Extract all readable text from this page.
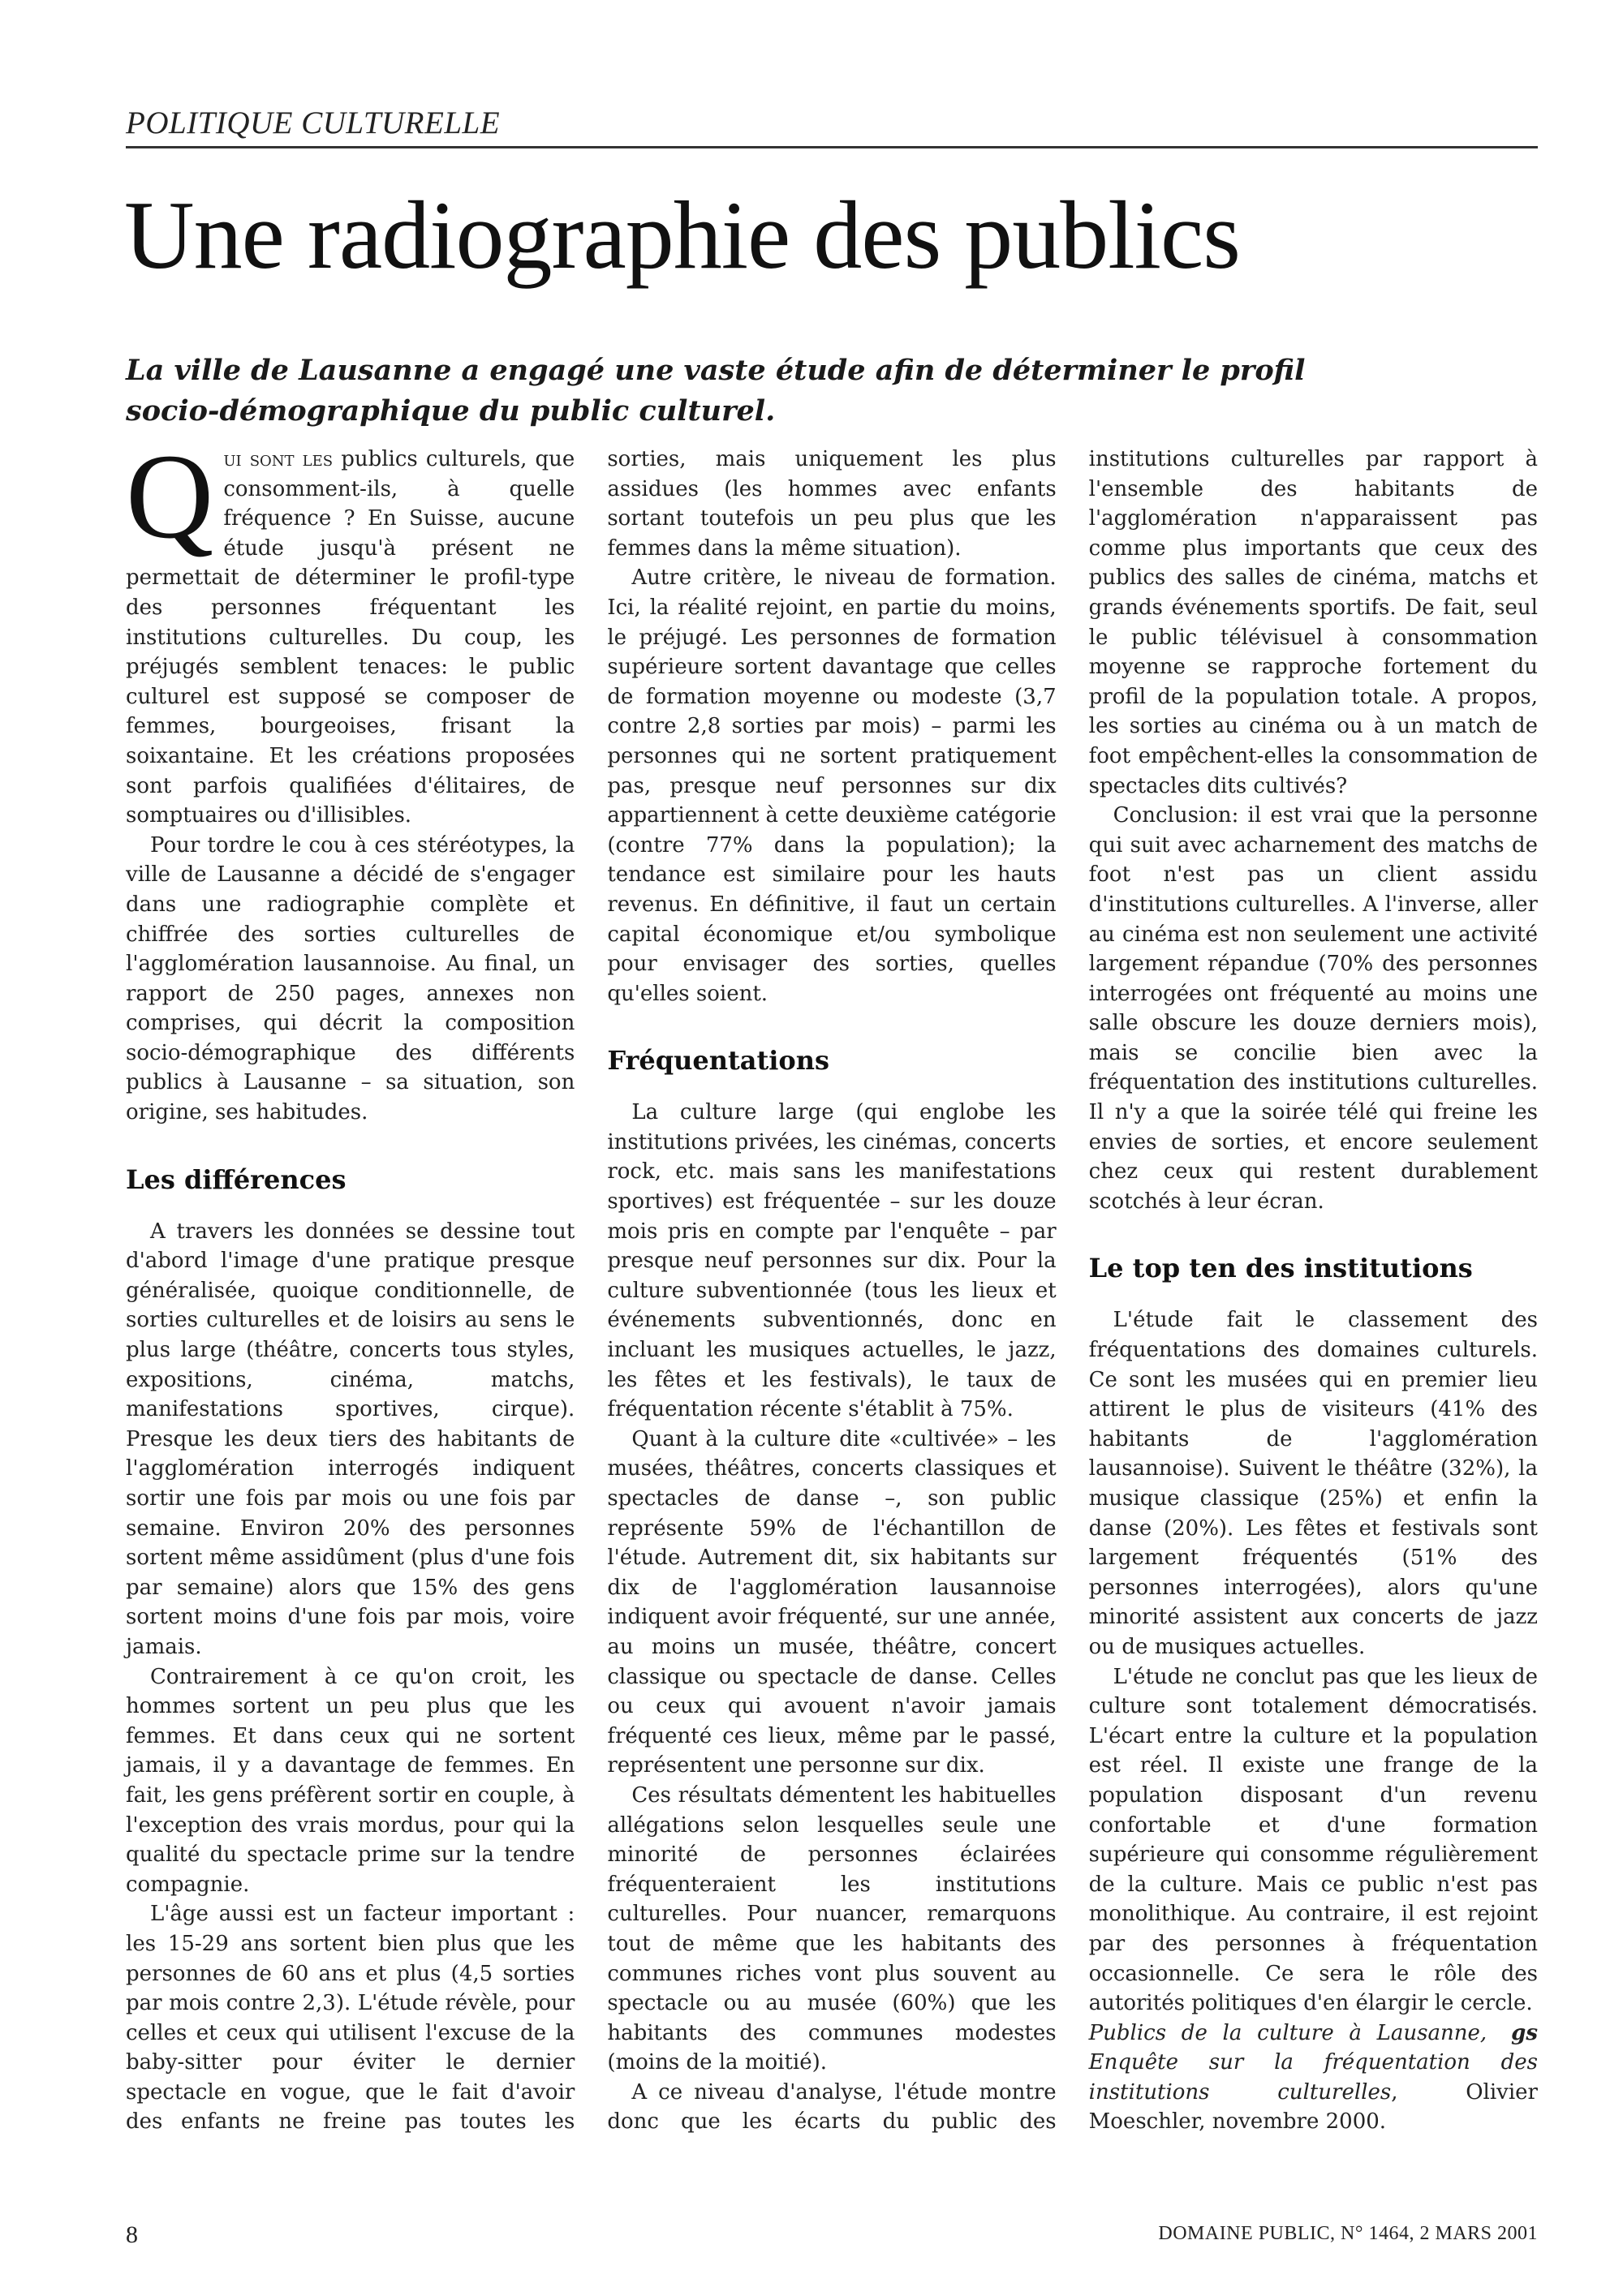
POLITIQUE CULTURELLE
Une radiographie des publics

La ville de Lausanne a engagé une vaste étude afin de déterminer le profil socio-démographique du public culturel.

Qui sont les publics culturels, que consomment-ils, à quelle fréquence ? En Suisse, aucune étude jusqu'à présent ne permettait de déterminer le profil-type des personnes fréquentant les institutions culturelles. Du coup, les préjugés semblent tenaces: le public culturel est supposé se composer de femmes, bourgeoises, frisant la soixantaine. Et les créations proposées sont parfois qualifiées d'élitaires, de somptuaires ou d'illisibles.

Pour tordre le cou à ces stéréotypes, la ville de Lausanne a décidé de s'engager dans une radiographie complète et chiffrée des sorties culturelles de l'agglomération lausannoise. Au final, un rapport de 250 pages, annexes non comprises, qui décrit la composition socio-démographique des différents publics à Lausanne – sa situation, son origine, ses habitudes.

Les différences

A travers les données se dessine tout d'abord l'image d'une pratique presque généralisée, quoique conditionnelle, de sorties culturelles et de loisirs au sens le plus large (théâtre, concerts tous styles, expositions, cinéma, matchs, manifestations sportives, cirque). Presque les deux tiers des habitants de l'agglomération interrogés indiquent sortir une fois par mois ou une fois par semaine. Environ 20% des personnes sortent même assidûment (plus d'une fois par semaine) alors que 15% des gens sortent moins d'une fois par mois, voire jamais.

Contrairement à ce qu'on croit, les hommes sortent un peu plus que les femmes. Et dans ceux qui ne sortent jamais, il y a davantage de femmes. En fait, les gens préfèrent sortir en couple, à l'exception des vrais mordus, pour qui la qualité du spectacle prime sur la tendre compagnie.

L'âge aussi est un facteur important : les 15-29 ans sortent bien plus que les personnes de 60 ans et plus (4,5 sorties par mois contre 2,3). L'étude révèle, pour celles et ceux qui utilisent l'excuse de la baby-sitter pour éviter le dernier spectacle en vogue, que le fait d'avoir des enfants ne freine pas toutes les sorties, mais uniquement les plus assidues (les hommes avec enfants sortant toutefois un peu plus que les femmes dans la même situation).

Autre critère, le niveau de formation. Ici, la réalité rejoint, en partie du moins, le préjugé. Les personnes de formation supérieure sortent davantage que celles de formation moyenne ou modeste (3,7 contre 2,8 sorties par mois) – parmi les personnes qui ne sortent pratiquement pas, presque neuf personnes sur dix appartiennent à cette deuxième catégorie (contre 77% dans la population); la tendance est similaire pour les hauts revenus. En définitive, il faut un certain capital économique et/ou symbolique pour envisager des sorties, quelles qu'elles soient.

Fréquentations

La culture large (qui englobe les institutions privées, les cinémas, concerts rock, etc. mais sans les manifestations sportives) est fréquentée – sur les douze mois pris en compte par l'enquête – par presque neuf personnes sur dix. Pour la culture subventionnée (tous les lieux et événements subventionnés, donc en incluant les musiques actuelles, le jazz, les fêtes et les festivals), le taux de fréquentation récente s'établit à 75%.

Quant à la culture dite «cultivée» – les musées, théâtres, concerts classiques et spectacles de danse –, son public représente 59% de l'échantillon de l'étude. Autrement dit, six habitants sur dix de l'agglomération lausannoise indiquent avoir fréquenté, sur une année, au moins un musée, théâtre, concert classique ou spectacle de danse. Celles ou ceux qui avouent n'avoir jamais fréquenté ces lieux, même par le passé, représentent une personne sur dix.

Ces résultats démentent les habituelles allégations selon lesquelles seule une minorité de personnes éclairées fréquenteraient les institutions culturelles. Pour nuancer, remarquons tout de même que les habitants des communes riches vont plus souvent au spectacle ou au musée (60%) que les habitants des communes modestes (moins de la moitié).

A ce niveau d'analyse, l'étude montre donc que les écarts du public des institutions culturelles par rapport à l'ensemble des habitants de l'agglomération n'apparaissent pas comme plus importants que ceux des publics des salles de cinéma, matchs et grands événements sportifs. De fait, seul le public télévisuel à consommation moyenne se rapproche fortement du profil de la population totale. A propos, les sorties au cinéma ou à un match de foot empêchent-elles la consommation de spectacles dits cultivés?

Conclusion: il est vrai que la personne qui suit avec acharnement des matchs de foot n'est pas un client assidu d'institutions culturelles. A l'inverse, aller au cinéma est non seulement une activité largement répandue (70% des personnes interrogées ont fréquenté au moins une salle obscure les douze derniers mois), mais se concilie bien avec la fréquentation des institutions culturelles. Il n'y a que la soirée télé qui freine les envies de sorties, et encore seulement chez ceux qui restent durablement scotchés à leur écran.

Le top ten des institutions

L'étude fait le classement des fréquentations des domaines culturels. Ce sont les musées qui en premier lieu attirent le plus de visiteurs (41% des habitants de l'agglomération lausannoise). Suivent le théâtre (32%), la musique classique (25%) et enfin la danse (20%). Les fêtes et festivals sont largement fréquentés (51% des personnes interrogées), alors qu'une minorité assistent aux concerts de jazz ou de musiques actuelles.

L'étude ne conclut pas que les lieux de culture sont totalement démocratisés. L'écart entre la culture et la population est réel. Il existe une frange de la population disposant d'un revenu confortable et d'une formation supérieure qui consomme régulièrement de la culture. Mais ce public n'est pas monolithique. Au contraire, il est rejoint par des personnes à fréquentation occasionnelle. Ce sera le rôle des autorités politiques d'en élargir le cercle.
gs

Publics de la culture à Lausanne, Enquête sur la fréquentation des institutions culturelles, Olivier Moeschler, novembre 2000.

8	DOMAINE PUBLIC, N° 1464, 2 MARS 2001
